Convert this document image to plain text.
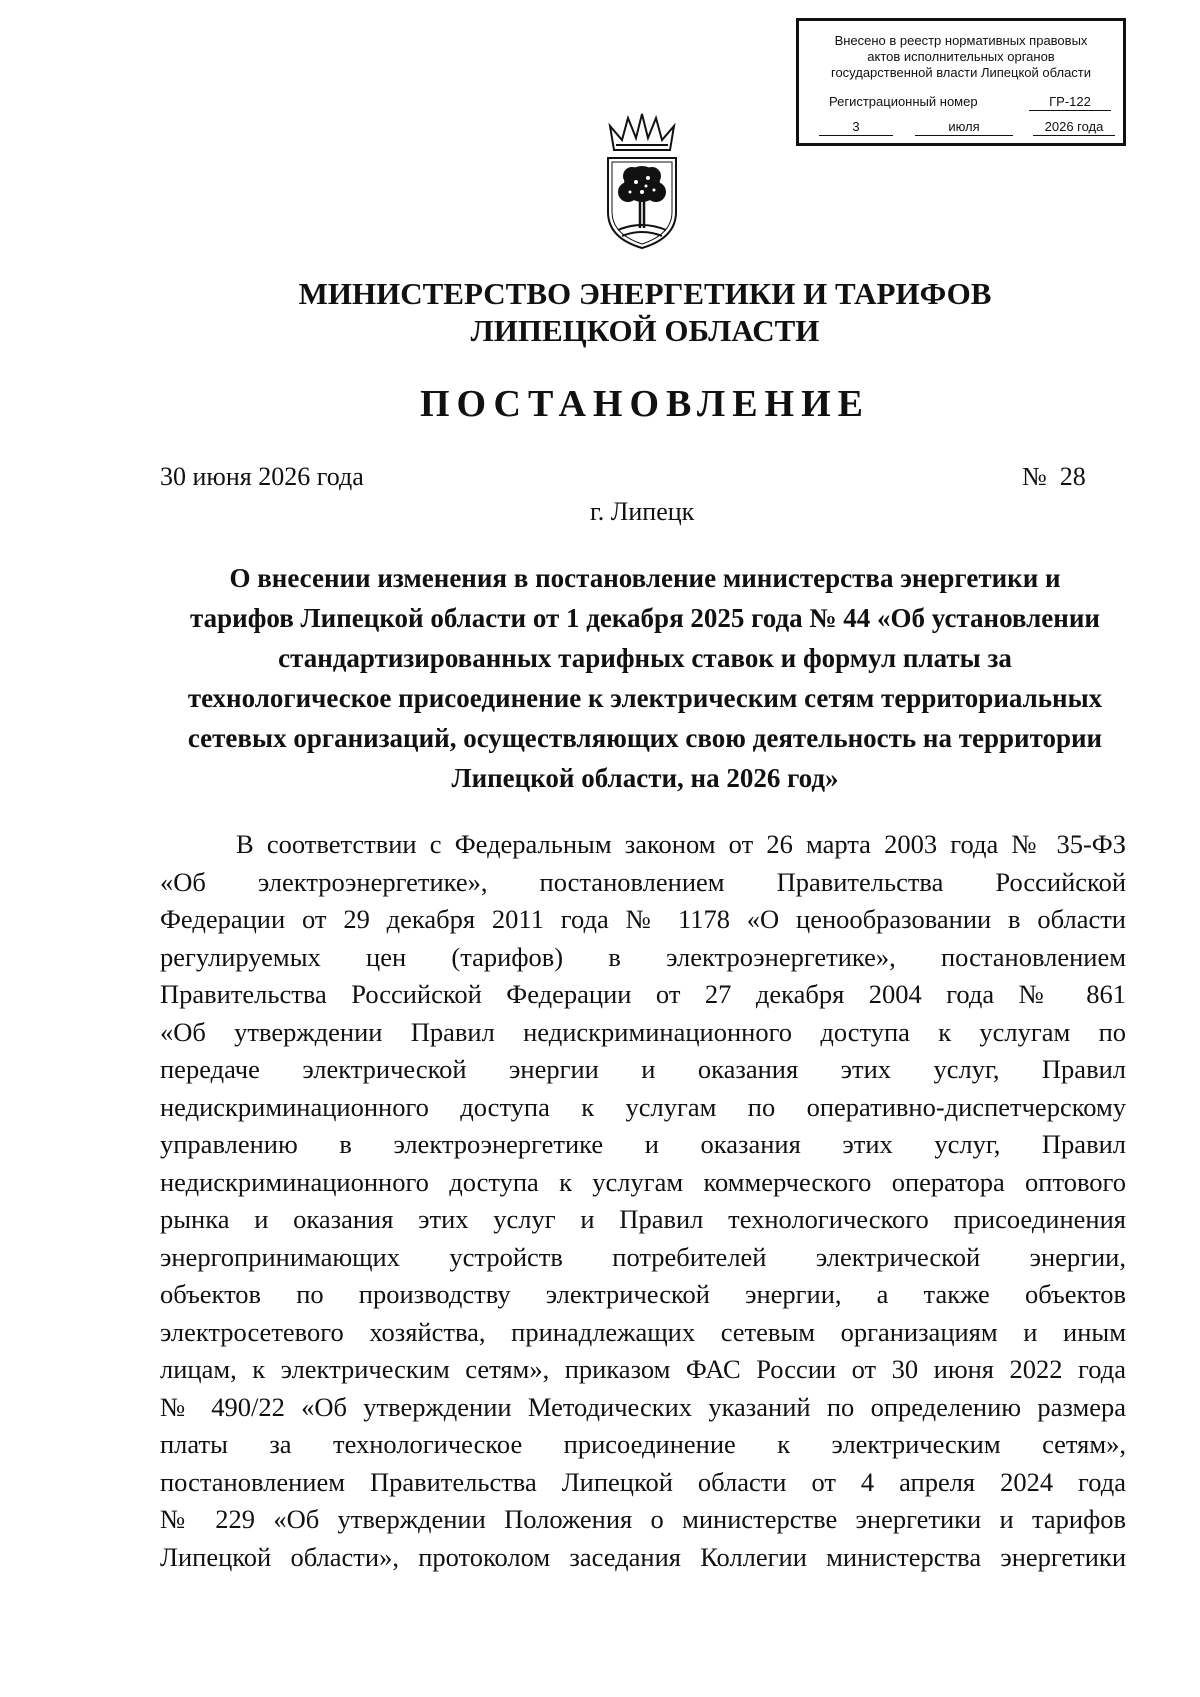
Внесено в реестр нормативных правовых
актов исполнительных органов
государственной власти Липецкой области
Регистрационный номер	ГР-122
3	июля	2026 года
МИНИСТЕРСТВО ЭНЕРГЕТИКИ И ТАРИФОВ
ЛИПЕЦКОЙ ОБЛАСТИ
ПОСТАНОВЛЕНИЕ
30 июня 2026 года	№  28
г. Липецк
О внесении изменения в постановление министерства энергетики и
тарифов Липецкой области от 1 декабря 2025 года № 44 «Об установлении
стандартизированных тарифных ставок и формул платы за
технологическое присоединение к электрическим сетям территориальных
сетевых организаций, осуществляющих свою деятельность на территории
Липецкой области, на 2026 год»
В соответствии с Федеральным законом от 26 марта 2003 года № 35-ФЗ
«Об электроэнергетике», постановлением Правительства Российской
Федерации от 29 декабря 2011 года № 1178 «О ценообразовании в области
регулируемых цен (тарифов) в электроэнергетике», постановлением
Правительства Российской Федерации от 27 декабря 2004 года № 861
«Об утверждении Правил недискриминационного доступа к услугам по
передаче электрической энергии и оказания этих услуг, Правил
недискриминационного доступа к услугам по оперативно-диспетчерскому
управлению в электроэнергетике и оказания этих услуг, Правил
недискриминационного доступа к услугам коммерческого оператора оптового
рынка и оказания этих услуг и Правил технологического присоединения
энергопринимающих устройств потребителей электрической энергии,
объектов по производству электрической энергии, а также объектов
электросетевого хозяйства, принадлежащих сетевым организациям и иным
лицам, к электрическим сетям», приказом ФАС России от 30 июня 2022 года
№ 490/22 «Об утверждении Методических указаний по определению размера
платы за технологическое присоединение к электрическим сетям»,
постановлением Правительства Липецкой области от 4 апреля 2024 года
№ 229 «Об утверждении Положения о министерстве энергетики и тарифов
Липецкой области», протоколом заседания Коллегии министерства энергетики
